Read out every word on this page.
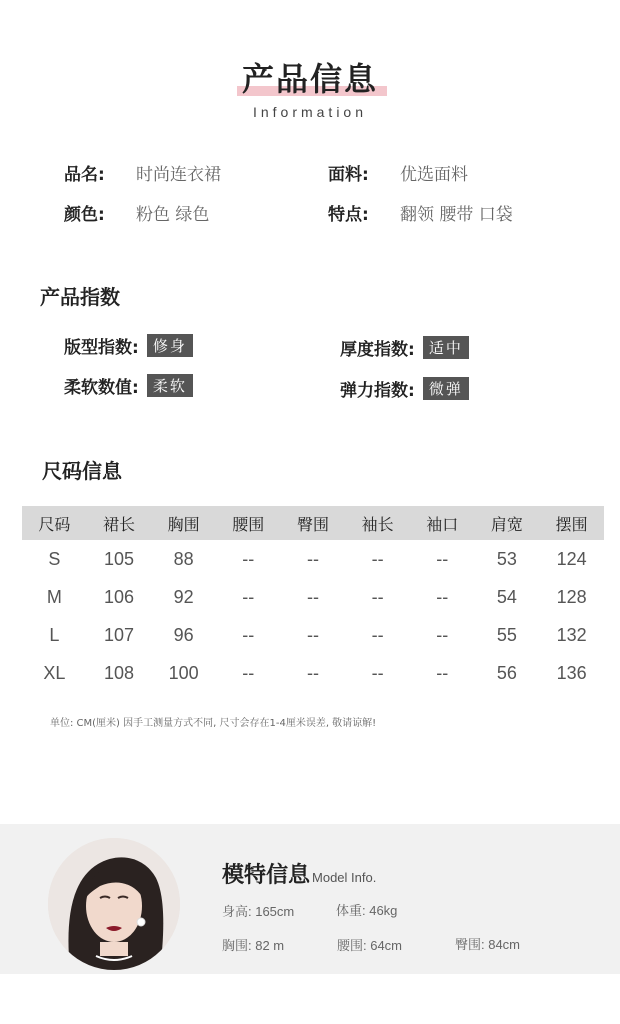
产品信息
Information
品名:	时尚连衣裙	面料:	优选面料
颜色:	粉色 绿色	特点:	翻领 腰带 口袋
产品指数
版型指数: 修身	厚度指数: 适中
柔软数值: 柔软	弹力指数: 微弹
尺码信息
尺码	裙长	胸围	腰围	臀围	袖长	袖口	肩宽	摆围
S	105	88	--	--	--	--	53	124
M	106	92	--	--	--	--	54	128
L	107	96	--	--	--	--	55	132
XL	108	100	--	--	--	--	56	136
单位: CM(厘米) 因手工测量方式不同, 尺寸会存在1-4厘米误差, 敬请谅解!
模特信息 Model Info.
身高: 165cm	体重: 46kg
胸围: 82 m	腰围: 64cm	臀围: 84cm
